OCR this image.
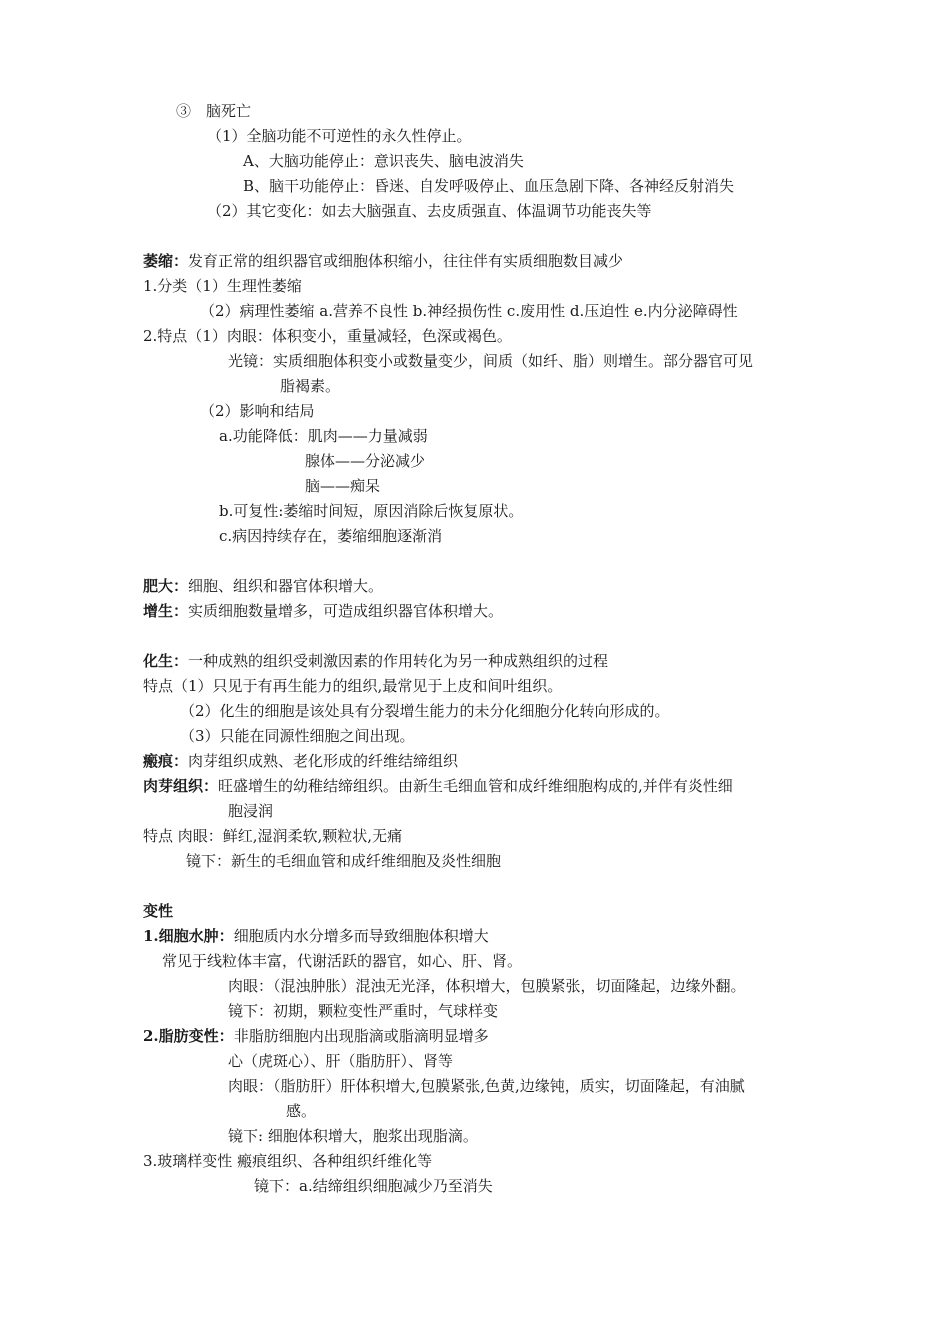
③　脑死亡
（1）全脑功能不可逆性的永久性停止。
A、大脑功能停止：意识丧失、脑电波消失
B、脑干功能停止：昏迷、自发呼吸停止、血压急剧下降、各神经反射消失
（2）其它变化：如去大脑强直、去皮质强直、体温调节功能丧失等
萎缩：发育正常的组织器官或细胞体积缩小，往往伴有实质细胞数目减少
1.分类（1）生理性萎缩
（2）病理性萎缩 a.营养不良性 b.神经损伤性 c.废用性 d.压迫性 e.内分泌障碍性
2.特点（1）肉眼：体积变小，重量减轻，色深或褐色。
光镜：实质细胞体积变小或数量变少，间质（如纤、脂）则增生。部分器官可见
脂褐素。
（2）影响和结局
a.功能降低：肌肉——力量减弱
腺体——分泌减少
脑——痴呆
b.可复性:萎缩时间短，原因消除后恢复原状。
c.病因持续存在，萎缩细胞逐渐消
肥大：细胞、组织和器官体积增大。
增生：实质细胞数量增多，可造成组织器官体积增大。
化生：一种成熟的组织受刺激因素的作用转化为另一种成熟组织的过程
特点（1）只见于有再生能力的组织,最常见于上皮和间叶组织。
（2）化生的细胞是该处具有分裂增生能力的未分化细胞分化转向形成的。
（3）只能在同源性细胞之间出现。
瘢痕：肉芽组织成熟、老化形成的纤维结缔组织
肉芽组织：旺盛增生的幼稚结缔组织。由新生毛细血管和成纤维细胞构成的,并伴有炎性细
胞浸润
特点 肉眼：鲜红,湿润柔软,颗粒状,无痛
镜下：新生的毛细血管和成纤维细胞及炎性细胞
变性
1.细胞水肿：细胞质内水分增多而导致细胞体积增大
常见于线粒体丰富，代谢活跃的器官，如心、肝、肾。
肉眼：（混浊肿胀）混浊无光泽，体积增大，包膜紧张，切面隆起，边缘外翻。
镜下：初期，颗粒变性严重时，气球样变
2.脂肪变性：非脂肪细胞内出现脂滴或脂滴明显增多
心（虎斑心）、肝（脂肪肝）、肾等
肉眼：（脂肪肝）肝体积增大,包膜紧张,色黄,边缘钝，质实，切面隆起，有油腻
感。
镜下: 细胞体积增大，胞浆出现脂滴。
3.玻璃样变性 瘢痕组织、各种组织纤维化等
镜下：a.结缔组织细胞减少乃至消失
